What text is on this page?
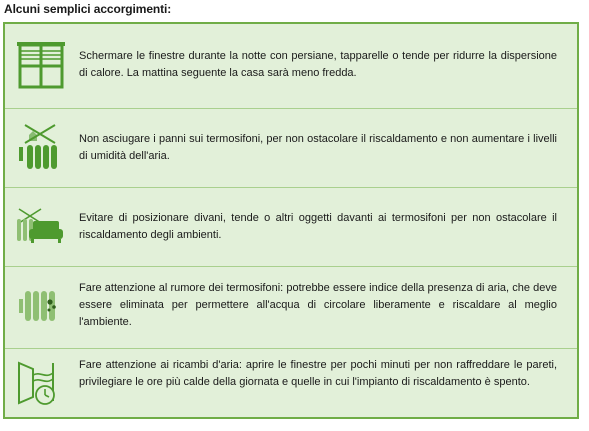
Alcuni semplici accorgimenti:
Schermare le finestre durante la notte con persiane, tapparelle o tende per ridurre la dispersione di calore. La mattina seguente la casa sarà meno fredda.
Non asciugare i panni sui termosifoni, per non ostacolare il riscaldamento e non aumentare i livelli di umidità dell'aria.
Evitare di posizionare divani, tende o altri oggetti davanti ai termosifoni per non ostacolare il riscaldamento degli ambienti.
Fare attenzione al rumore dei termosifoni: potrebbe essere indice della presenza di aria, che deve essere eliminata per permettere all'acqua di circolare liberamente e riscaldare al meglio l'ambiente.
Fare attenzione ai ricambi d'aria: aprire le finestre per pochi minuti per non raffreddare le pareti, privilegiare le ore più calde della giornata e quelle in cui l'impianto di riscaldamento è spento.
